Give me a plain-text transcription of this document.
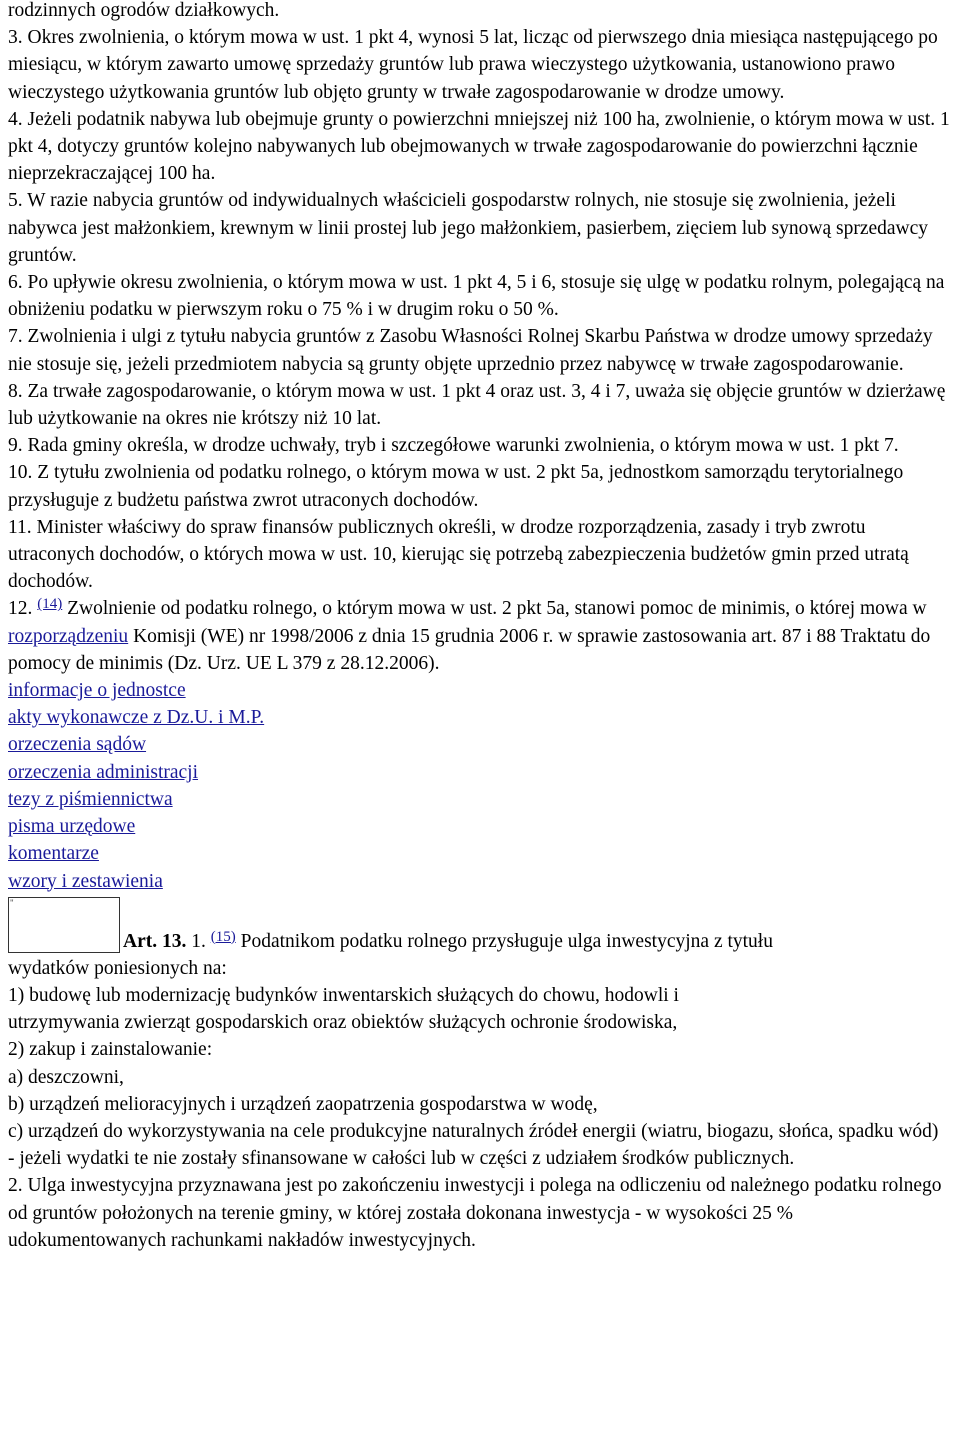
rodzinnych ogrodów działkowych.

3. Okres zwolnienia, o którym mowa w ust. 1 pkt 4, wynosi 5 lat, licząc od pierwszego dnia miesiąca następującego po miesiącu, w którym zawarto umowę sprzedaży gruntów lub prawa wieczystego użytkowania, ustanowiono prawo wieczystego użytkowania gruntów lub objęto grunty w trwałe zagospodarowanie w drodze umowy.

4. Jeżeli podatnik nabywa lub obejmuje grunty o powierzchni mniejszej niż 100 ha, zwolnienie, o którym mowa w ust. 1 pkt 4, dotyczy gruntów kolejno nabywanych lub obejmowanych w trwałe zagospodarowanie do powierzchni łącznie nieprzekraczającej 100 ha.

5. W razie nabycia gruntów od indywidualnych właścicieli gospodarstw rolnych, nie stosuje się zwolnienia, jeżeli nabywca jest małżonkiem, krewnym w linii prostej lub jego małżonkiem, pasierbem, zięciem lub synową sprzedawcy gruntów.

6. Po upływie okresu zwolnienia, o którym mowa w ust. 1 pkt 4, 5 i 6, stosuje się ulgę w podatku rolnym, polegającą na obniżeniu podatku w pierwszym roku o 75 % i w drugim roku o 50 %.

7. Zwolnienia i ulgi z tytułu nabycia gruntów z Zasobu Własności Rolnej Skarbu Państwa w drodze umowy sprzedaży nie stosuje się, jeżeli przedmiotem nabycia są grunty objęte uprzednio przez nabywcę w trwałe zagospodarowanie.

8. Za trwałe zagospodarowanie, o którym mowa w ust. 1 pkt 4 oraz ust. 3, 4 i 7, uważa się objęcie gruntów w dzierżawę lub użytkowanie na okres nie krótszy niż 10 lat.

9. Rada gminy określa, w drodze uchwały, tryb i szczegółowe warunki zwolnienia, o którym mowa w ust. 1 pkt 7.

10. Z tytułu zwolnienia od podatku rolnego, o którym mowa w ust. 2 pkt 5a, jednostkom samorządu terytorialnego przysługuje z budżetu państwa zwrot utraconych dochodów.

11. Minister właściwy do spraw finansów publicznych określi, w drodze rozporządzenia, zasady i tryb zwrotu utraconych dochodów, o których mowa w ust. 10, kierując się potrzebą zabezpieczenia budżetów gmin przed utratą dochodów.

12. $^{(14)}$ Zwolnienie od podatku rolnego, o którym mowa w ust. 2 pkt 5a, stanowi pomoc de minimis, o której mowa w rozporządzeniu Komisji (WE) nr 1998/2006 z dnia 15 grudnia 2006 r. w sprawie zastosowania art. 87 i 88 Traktatu do pomocy de minimis (Dz. Urz. UE L 379 z 28.12.2006).

informacje o jednostce
akty wykonawcze z Dz.U. i M.P.
orzeczenia sądów
orzeczenia administracji
tezy z piśmiennictwa
pisma urzędowe
komentarze
wzory i zestawienia
"
Art. 13. 1. $^{(15)}$ Podatnikom podatku rolnego przysługuje ulga inwestycyjna z tytułu

wydatków poniesionych na:

1) budowę lub modernizację budynków inwentarskich służących do chowu, hodowli i

utrzymywania zwierząt gospodarskich oraz obiektów służących ochronie środowiska,

2) zakup i zainstalowanie:

a) deszczowni,

b) urządzeń melioracyjnych i urządzeń zaopatrzenia gospodarstwa w wodę,

c) urządzeń do wykorzystywania na cele produkcyjne naturalnych źródeł energii (wiatru, biogazu, słońca, spadku wód)

- jeżeli wydatki te nie zostały sfinansowane w całości lub w części z udziałem środków publicznych.

2. Ulga inwestycyjna przyznawana jest po zakończeniu inwestycji i polega na odliczeniu od należnego podatku rolnego od gruntów położonych na terenie gminy, w której została dokonana inwestycja - w wysokości 25 % udokumentowanych rachunkami nakładów inwestycyjnych.
